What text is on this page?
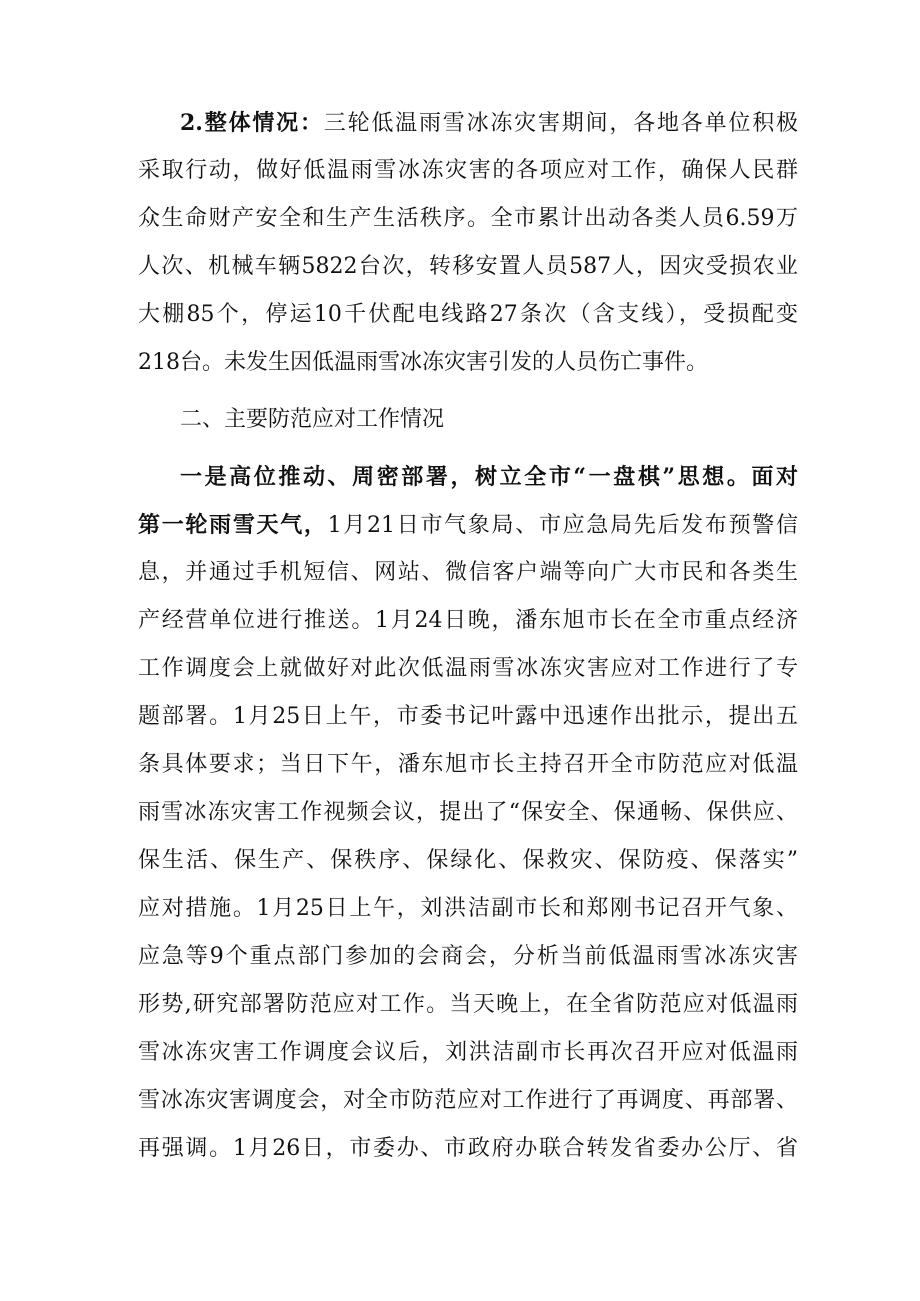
2.整体情况：三轮低温雨雪冰冻灾害期间，各地各单位积极
采取行动，做好低温雨雪冰冻灾害的各项应对工作，确保人民群
众生命财产安全和生产生活秩序。全市累计出动各类人员6.59万
人次、机械车辆5822台次，转移安置人员587人，因灾受损农业
大棚85个，停运10千伏配电线路27条次（含支线），受损配变
218台。未发生因低温雨雪冰冻灾害引发的人员伤亡事件。
二、主要防范应对工作情况
一是高位推动、周密部署，树立全市“一盘棋”思想。面对
第一轮雨雪天气，1月21日市气象局、市应急局先后发布预警信
息，并通过手机短信、网站、微信客户端等向广大市民和各类生
产经营单位进行推送。1月24日晚，潘东旭市长在全市重点经济
工作调度会上就做好对此次低温雨雪冰冻灾害应对工作进行了专
题部署。1月25日上午，市委书记叶露中迅速作出批示，提出五
条具体要求；当日下午，潘东旭市长主持召开全市防范应对低温
雨雪冰冻灾害工作视频会议，提出了“保安全、保通畅、保供应、
保生活、保生产、保秩序、保绿化、保救灾、保防疫、保落实”
应对措施。1月25日上午，刘洪洁副市长和郑刚书记召开气象、
应急等9个重点部门参加的会商会，分析当前低温雨雪冰冻灾害
形势,研究部署防范应对工作。当天晚上，在全省防范应对低温雨
雪冰冻灾害工作调度会议后，刘洪洁副市长再次召开应对低温雨
雪冰冻灾害调度会，对全市防范应对工作进行了再调度、再部署、
再强调。1月26日，市委办、市政府办联合转发省委办公厅、省
